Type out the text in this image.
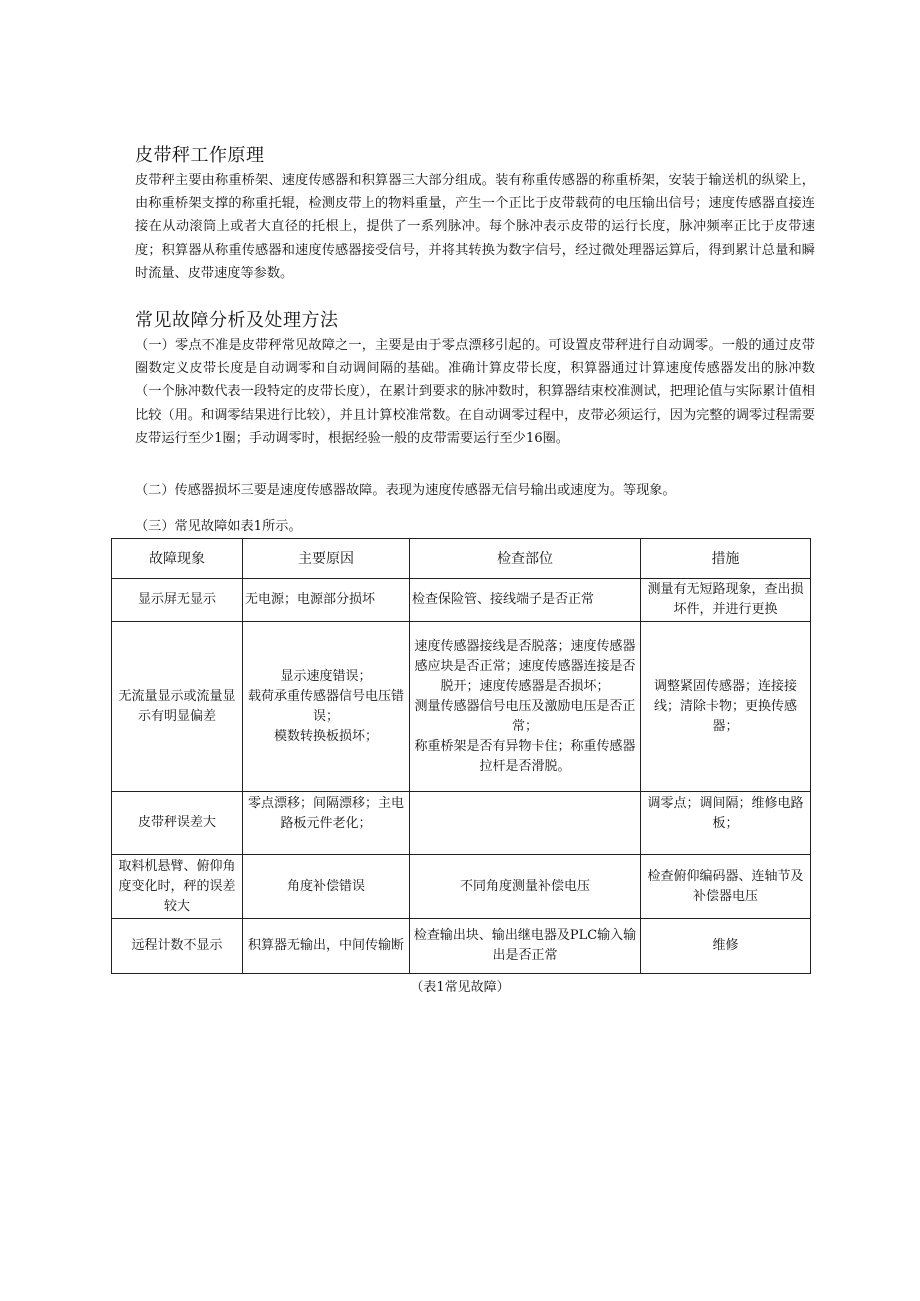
皮带秤工作原理

皮带秤主要由称重桥架、速度传感器和积算器三大部分组成。装有称重传感器的称重桥架，安装于输送机的纵梁上，由称重桥架支撑的称重托辊，检测皮带上的物料重量，产生一个正比于皮带载荷的电压输出信号；速度传感器直接连接在从动滚筒上或者大直径的托根上，提供了一系列脉冲。每个脉冲表示皮带的运行长度，脉冲频率正比于皮带速度；积算器从称重传感器和速度传感器接受信号，并将其转换为数字信号，经过微处理器运算后，得到累计总量和瞬时流量、皮带速度等参数。

常见故障分析及处理方法

（一）零点不准是皮带秤常见故障之一，主要是由于零点漂移引起的。可设置皮带秤进行自动调零。一般的通过皮带圈数定义皮带长度是自动调零和自动调间隔的基础。准确计算皮带长度，积算器通过计算速度传感器发出的脉冲数（一个脉冲数代表一段特定的皮带长度），在累计到要求的脉冲数时，积算器结束校准测试，把理论值与实际累计值相比较（用。和调零结果进行比较），并且计算校准常数。在自动调零过程中，皮带必须运行，因为完整的调零过程需要皮带运行至少1圈；手动调零时，根据经验一般的皮带需要运行至少16圈。

（二）传感器损坏三要是速度传感器故障。表现为速度传感器无信号输出或速度为。等现象。

（三）常见故障如表1所示。

故障现象	主要原因	检查部位	措施
显示屏无显示	无电源；电源部分损坏	检查保险管、接线端子是否正常	测量有无短路现象，查出损坏件，并进行更换
无流量显示或流量显示有明显偏差	显示速度错误；
载荷承重传感器信号电压错误；
模数转换板损坏；	速度传感器接线是否脱落；速度传感器感应块是否正常；速度传感器连接是否脱开；速度传感器是否损坏；
测量传感器信号电压及激励电压是否正常；
称重桥架是否有异物卡住；称重传感器拉杆是否滑脱。	调整紧固传感器；连接接线；清除卡物；更换传感器；
皮带秤误差大	零点漂移；间隔漂移；主电路板元件老化；		调零点；调间隔；维修电路板；
取料机悬臂、俯仰角度变化时，秤的误差较大	角度补偿错误	不同角度测量补偿电压	检查俯仰编码器、连轴节及补偿器电压
远程计数不显示	积算器无输出，中间传输断	检查输出块、输出继电器及PLC输入输出是否正常	维修

（表1常见故障）
